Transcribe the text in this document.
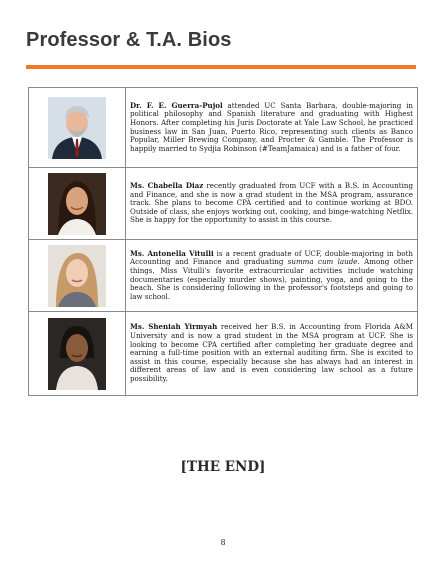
Professor & T.A. Bios

Dr. F. E. Guerra-Pujol attended UC Santa Barbara, double-majoring in political philosophy and Spanish literature and graduating with Highest Honors. After completing his Juris Doctorate at Yale Law School, he practiced business law in San Juan, Puerto Rico, representing such clients as Banco Popular, Miller Brewing Company, and Procter & Gamble. The Professor is happily married to Sydjia Robinson (#TeamJamaica) and is a father of four.

Ms. Chabella Diaz recently graduated from UCF with a B.S. in Accounting and Finance, and she is now a grad student in the MSA program, assurance track. She plans to become CPA certified and to continue working at BDO. Outside of class, she enjoys working out, cooking, and binge-watching Netflix. She is happy for the opportunity to assist in this course.

Ms. Antonella Vitulli is a recent graduate of UCF, double-majoring in both Accounting and Finance and graduating summa cum laude. Among other things, Miss Vitulli's favorite extracurricular activities include watching documentaries (especially murder shows), painting, yoga, and going to the beach. She is considering following in the professor's footsteps and going to law school.

Ms. Sheniah Yirmyah received her B.S. in Accounting from Florida A&M University and is now a grad student in the MSA program at UCF. She is looking to become CPA certified after completing her graduate degree and earning a full-time position with an external auditing firm. She is excited to assist in this course, especially because she has always had an interest in different areas of law and is even considering law school as a future possibility.

[THE END]
8
